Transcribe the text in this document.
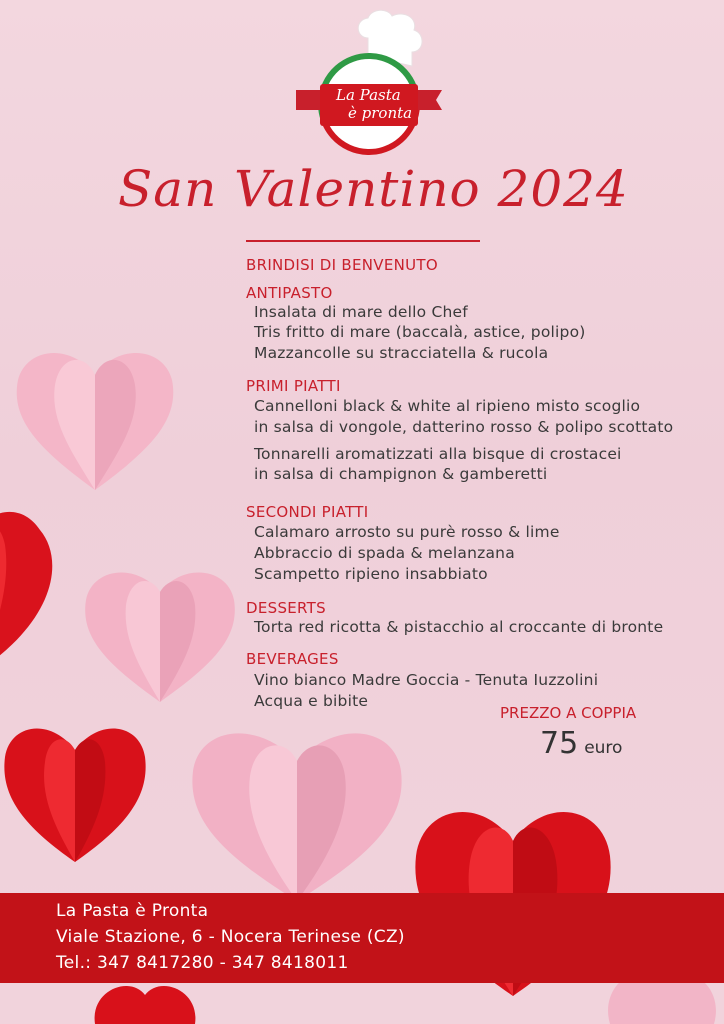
La Pasta
è pronta
San Valentino 2024
BRINDISI DI BENVENUTO
ANTIPASTO
Insalata di mare dello Chef
Tris fritto di mare (baccalà, astice, polipo)
Mazzancolle su stracciatella & rucola
PRIMI PIATTI
Cannelloni black & white al ripieno misto scoglio
in salsa di vongole, datterino rosso & polipo scottato
Tonnarelli aromatizzati alla bisque di crostacei
in salsa di champignon & gamberetti
SECONDI PIATTI
Calamaro arrosto su purè rosso & lime
Abbraccio di spada & melanzana
Scampetto ripieno insabbiato
DESSERTS
Torta red ricotta & pistacchio al croccante di bronte
BEVERAGES
Vino bianco Madre Goccia - Tenuta Iuzzolini
Acqua e bibite
PREZZO A COPPIA
75 euro
La Pasta è Pronta
Viale Stazione, 6 - Nocera Terinese (CZ)
Tel.: 347 8417280 - 347 8418011
